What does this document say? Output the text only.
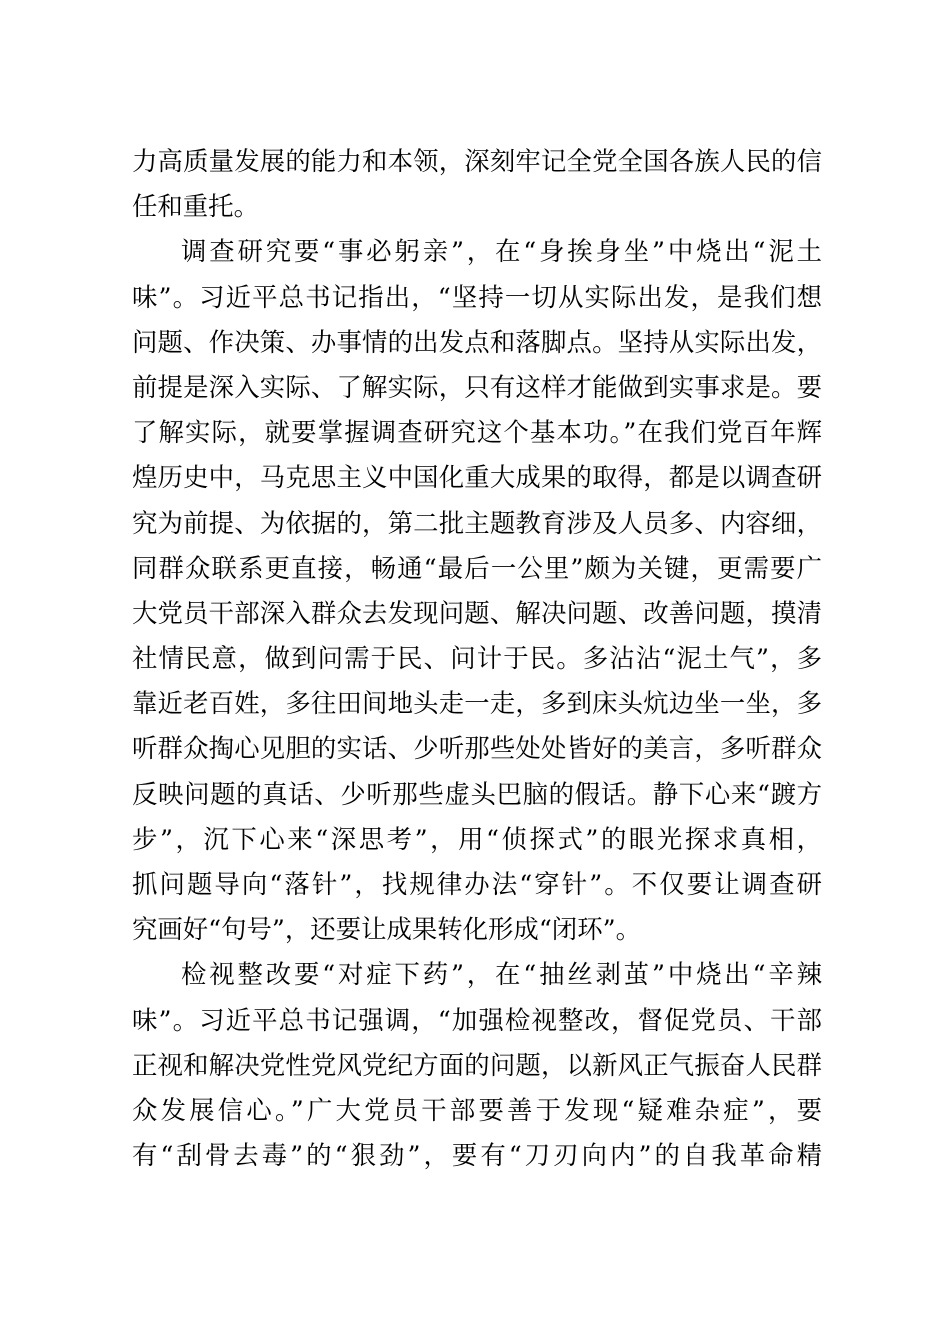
力高质量发展的能力和本领，深刻牢记全党全国各族人民的信
任和重托。
调查研究要“事必躬亲”，在“身挨身坐”中烧出“泥土
味”。习近平总书记指出，“坚持一切从实际出发，是我们想
问题、作决策、办事情的出发点和落脚点。坚持从实际出发，
前提是深入实际、了解实际，只有这样才能做到实事求是。要
了解实际，就要掌握调查研究这个基本功。”在我们党百年辉
煌历史中，马克思主义中国化重大成果的取得，都是以调查研
究为前提、为依据的，第二批主题教育涉及人员多、内容细，
同群众联系更直接，畅通“最后一公里”颇为关键，更需要广
大党员干部深入群众去发现问题、解决问题、改善问题，摸清
社情民意，做到问需于民、问计于民。多沾沾“泥土气”，多
靠近老百姓，多往田间地头走一走，多到床头炕边坐一坐，多
听群众掏心见胆的实话、少听那些处处皆好的美言，多听群众
反映问题的真话、少听那些虚头巴脑的假话。静下心来“踱方
步”，沉下心来“深思考”，用“侦探式”的眼光探求真相，
抓问题导向“落针”，找规律办法“穿针”。不仅要让调查研
究画好“句号”，还要让成果转化形成“闭环”。
检视整改要“对症下药”，在“抽丝剥茧”中烧出“辛辣
味”。习近平总书记强调，“加强检视整改，督促党员、干部
正视和解决党性党风党纪方面的问题，以新风正气振奋人民群
众发展信心。”广大党员干部要善于发现“疑难杂症”，要
有“刮骨去毒”的“狠劲”，要有“刀刃向内”的自我革命精
